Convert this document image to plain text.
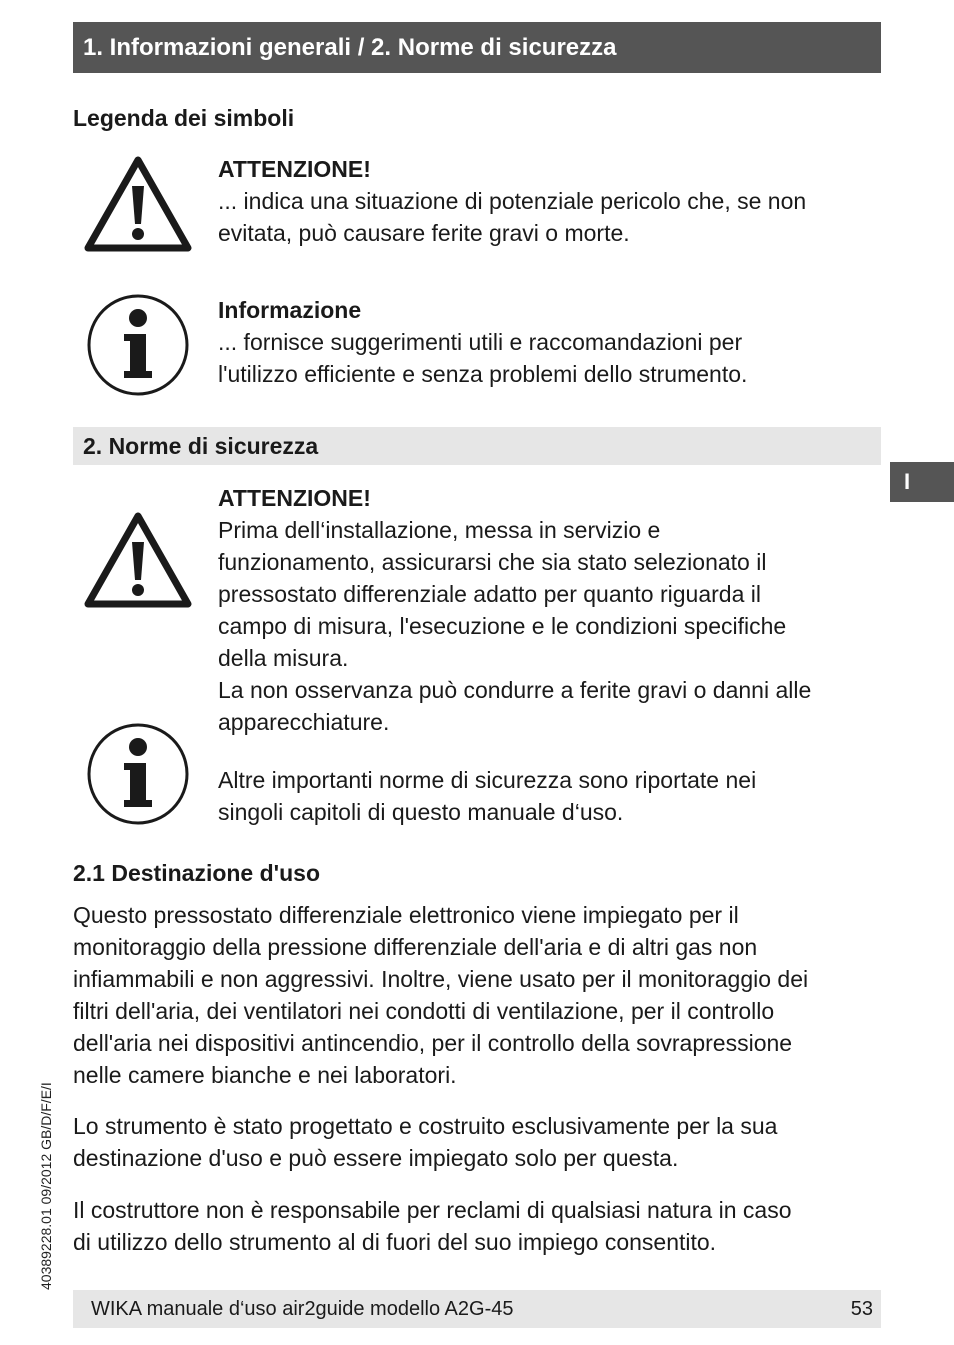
1. Informazioni generali / 2. Norme di sicurezza
Legenda dei simboli
ATTENZIONE!
... indica una situazione di potenziale pericolo che, se non
evitata, può causare ferite gravi o morte.
Informazione
... fornisce suggerimenti utili e raccomandazioni per
l'utilizzo efficiente e senza problemi dello strumento.
2. Norme di sicurezza
ATTENZIONE!
Prima dell‘installazione, messa in servizio e
funzionamento, assicurarsi che sia stato selezionato il
pressostato differenziale adatto per quanto riguarda il
campo di misura, l'esecuzione e le condizioni specifiche
della misura.
La non osservanza può condurre a ferite gravi o danni alle
apparecchiature.
Altre importanti norme di sicurezza sono riportate nei
singoli capitoli di questo manuale d‘uso.
2.1 Destinazione d'uso
Questo pressostato differenziale elettronico viene impiegato per il
monitoraggio della pressione differenziale dell'aria e di altri gas non
infiammabili e non aggressivi. Inoltre, viene usato per il monitoraggio dei
filtri dell'aria, dei ventilatori nei condotti di ventilazione, per il controllo
dell'aria nei dispositivi antincendio, per il controllo della sovrapressione
nelle camere bianche e nei laboratori.
Lo strumento è stato progettato e costruito esclusivamente per la sua
destinazione d'uso e può essere impiegato solo per questa.
Il costruttore non è responsabile per reclami di qualsiasi natura in caso
di utilizzo dello strumento al di fuori del suo impiego consentito.
I
40389228.01 09/2012 GB/D/F/E/I
WIKA manuale d‘uso air2guide modello A2G-45	53
